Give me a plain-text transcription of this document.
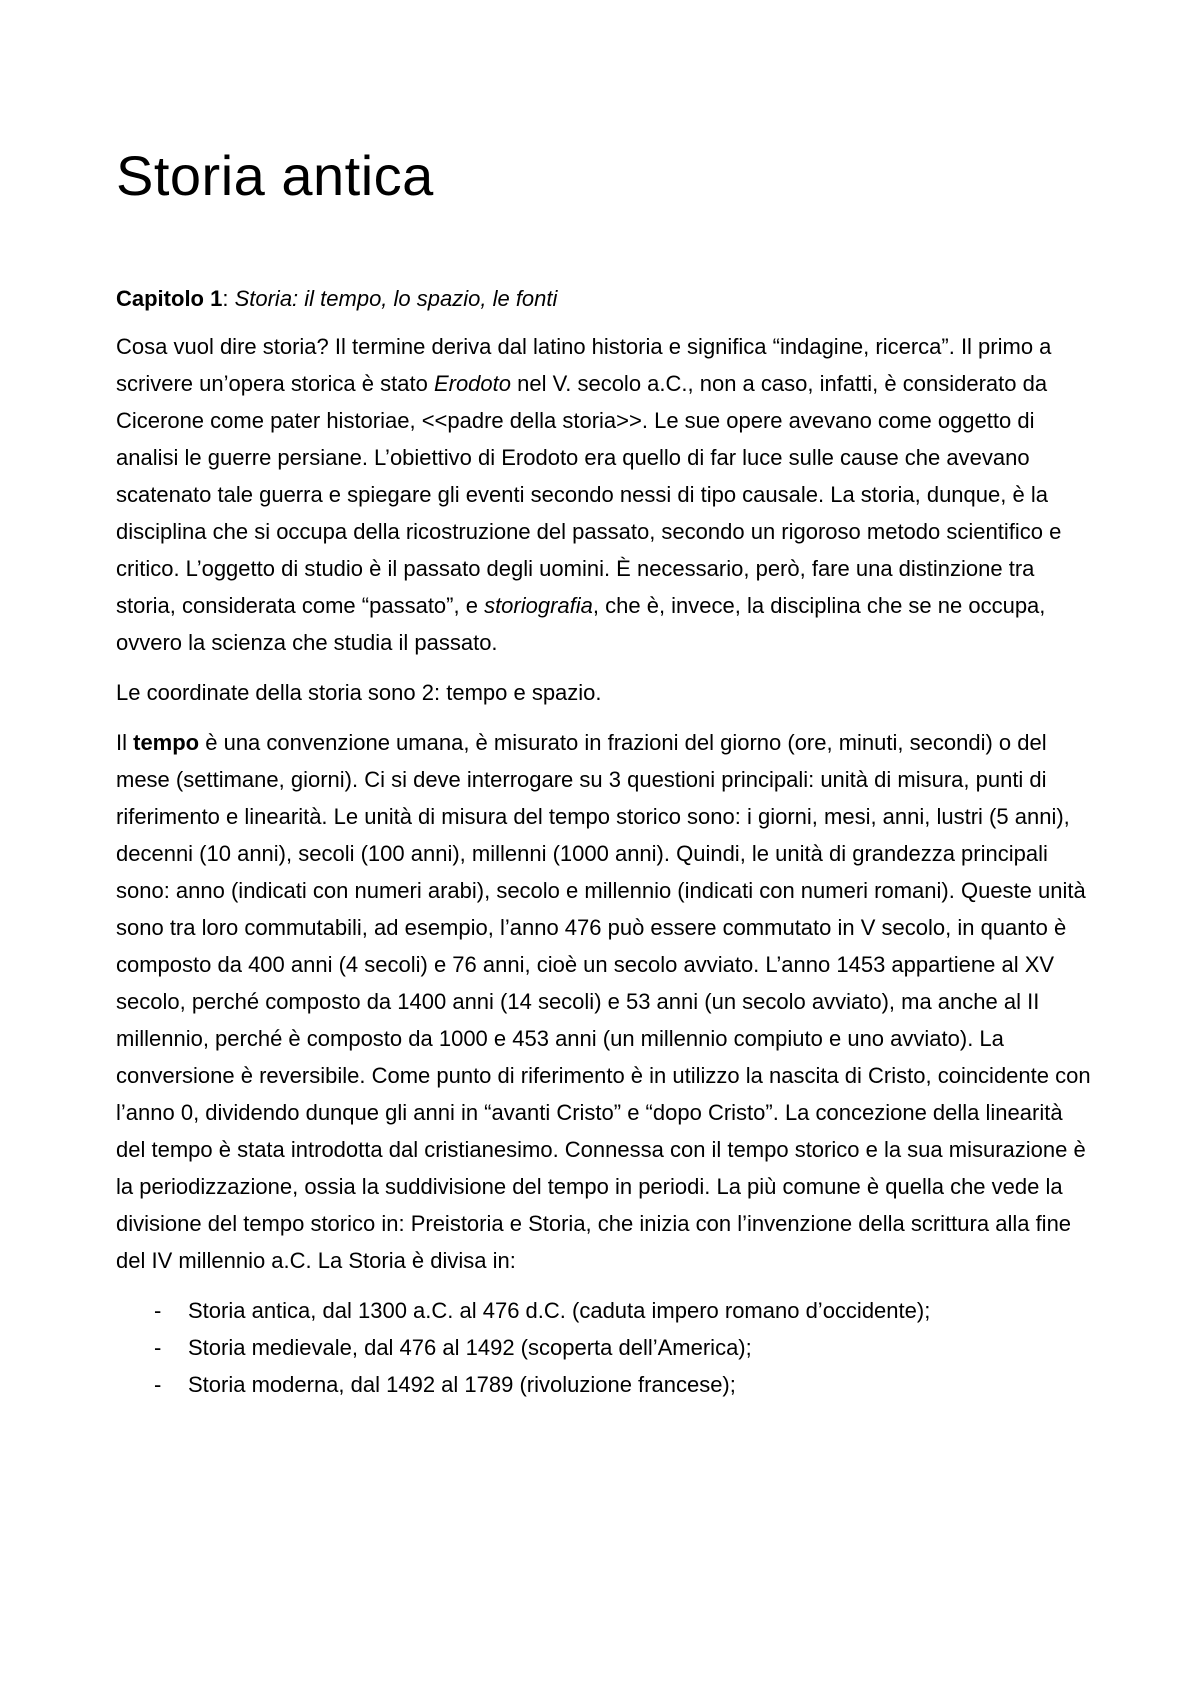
Storia antica

Capitolo 1: Storia: il tempo, lo spazio, le fonti

Cosa vuol dire storia? Il termine deriva dal latino historia e significa “indagine, ricerca”. Il primo a scrivere un’opera storica è stato Erodoto nel V. secolo a.C., non a caso, infatti, è considerato da Cicerone come pater historiae, <<padre della storia>>. Le sue opere avevano come oggetto di analisi le guerre persiane. L’obiettivo di Erodoto era quello di far luce sulle cause che avevano scatenato tale guerra e spiegare gli eventi secondo nessi di tipo causale. La storia, dunque, è la disciplina che si occupa della ricostruzione del passato, secondo un rigoroso metodo scientifico e critico. L’oggetto di studio è il passato degli uomini. È necessario, però, fare una distinzione tra storia, considerata come “passato”, e storiografia, che è, invece, la disciplina che se ne occupa, ovvero la scienza che studia il passato.

Le coordinate della storia sono 2: tempo e spazio.

Il tempo è una convenzione umana, è misurato in frazioni del giorno (ore, minuti, secondi) o del mese (settimane, giorni). Ci si deve interrogare su 3 questioni principali: unità di misura, punti di riferimento e linearità. Le unità di misura del tempo storico sono: i giorni, mesi, anni, lustri (5 anni), decenni (10 anni), secoli (100 anni), millenni (1000 anni). Quindi, le unità di grandezza principali sono: anno (indicati con numeri arabi), secolo e millennio (indicati con numeri romani). Queste unità sono tra loro commutabili, ad esempio, l’anno 476 può essere commutato in V secolo, in quanto è composto da 400 anni (4 secoli) e 76 anni, cioè un secolo avviato. L’anno 1453 appartiene al XV secolo, perché composto da 1400 anni (14 secoli) e 53 anni (un secolo avviato), ma anche al II millennio, perché è composto da 1000 e 453 anni (un millennio compiuto e uno avviato). La conversione è reversibile. Come punto di riferimento è in utilizzo la nascita di Cristo, coincidente con l’anno 0, dividendo dunque gli anni in “avanti Cristo” e “dopo Cristo”. La concezione della linearità del tempo è stata introdotta dal cristianesimo. Connessa con il tempo storico e la sua misurazione è la periodizzazione, ossia la suddivisione del tempo in periodi. La più comune è quella che vede la divisione del tempo storico in: Preistoria e Storia, che inizia con l’invenzione della scrittura alla fine del IV millennio a.C. La Storia è divisa in:

- Storia antica, dal 1300 a.C. al 476 d.C. (caduta impero romano d’occidente);
- Storia medievale, dal 476 al 1492 (scoperta dell’America);
- Storia moderna, dal 1492 al 1789 (rivoluzione francese);
